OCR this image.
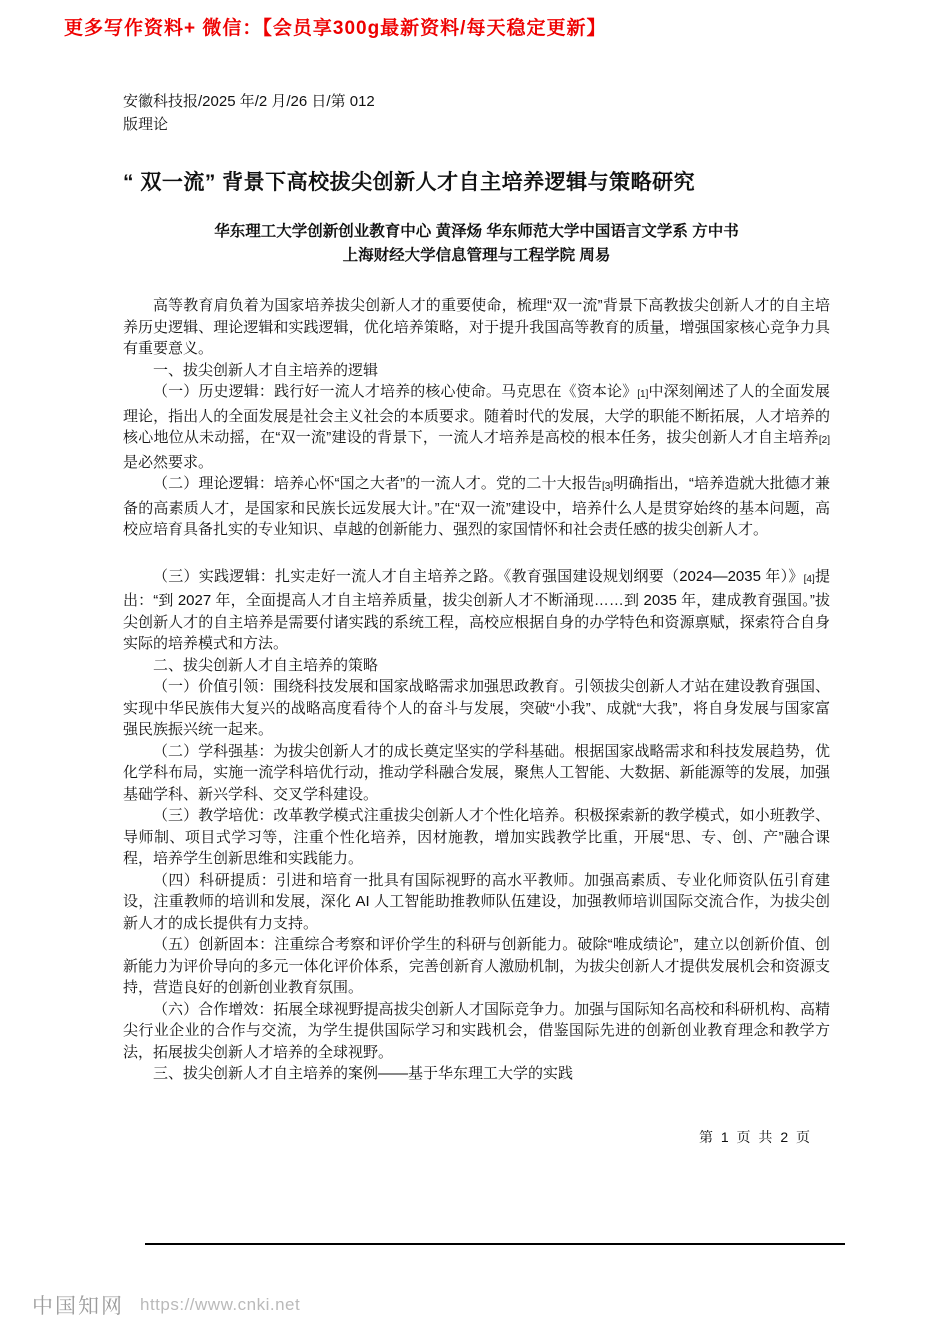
更多写作资料+ 微信：【会员享300g最新资料/每天稳定更新】
安徽科技报/2025 年/2 月/26 日/第 012
版理论
“ 双一流” 背景下高校拔尖创新人才自主培养逻辑与策略研究
华东理工大学创新创业教育中心 黄泽炀 华东师范大学中国语言文学系 方中书
上海财经大学信息管理与工程学院 周易

高等教育肩负着为国家培养拔尖创新人才的重要使命，梳理“双一流”背景下高教拔尖创新人才的自主培养历史逻辑、理论逻辑和实践逻辑，优化培养策略，对于提升我国高等教育的质量，增强国家核心竞争力具有重要意义。

一、拔尖创新人才自主培养的逻辑

（一）历史逻辑：践行好一流人才培养的核心使命。马克思在《资本论》[1]中深刻阐述了人的全面发展理论，指出人的全面发展是社会主义社会的本质要求。随着时代的发展，大学的职能不断拓展，人才培养的核心地位从未动摇，在“双一流”建设的背景下，一流人才培养是高校的根本任务，拔尖创新人才自主培养[2]是必然要求。

（二）理论逻辑：培养心怀“国之大者”的一流人才。党的二十大报告[3]明确指出，“培养造就大批德才兼备的高素质人才，是国家和民族长远发展大计。”在“双一流”建设中，培养什么人是贯穿始终的基本问题，高校应培育具备扎实的专业知识、卓越的创新能力、强烈的家国情怀和社会责任感的拔尖创新人才。

（三）实践逻辑：扎实走好一流人才自主培养之路。《教育强国建设规划纲要（2024—2035 年）》[4]提出：“到 2027 年，全面提高人才自主培养质量，拔尖创新人才不断涌现……到 2035 年，建成教育强国。”拔尖创新人才的自主培养是需要付诸实践的系统工程，高校应根据自身的办学特色和资源禀赋，探索符合自身实际的培养模式和方法。

二、拔尖创新人才自主培养的策略

（一）价值引领：围绕科技发展和国家战略需求加强思政教育。引领拔尖创新人才站在建设教育强国、实现中华民族伟大复兴的战略高度看待个人的奋斗与发展，突破“小我”、成就“大我”，将自身发展与国家富强民族振兴统一起来。

（二）学科强基：为拔尖创新人才的成长奠定坚实的学科基础。根据国家战略需求和科技发展趋势，优化学科布局，实施一流学科培优行动，推动学科融合发展，聚焦人工智能、大数据、新能源等的发展，加强基础学科、新兴学科、交叉学科建设。

（三）教学培优：改革教学模式注重拔尖创新人才个性化培养。积极探索新的教学模式，如小班教学、导师制、项目式学习等，注重个性化培养，因材施教，增加实践教学比重，开展“思、专、创、产”融合课程，培养学生创新思维和实践能力。

（四）科研提质：引进和培育一批具有国际视野的高水平教师。加强高素质、专业化师资队伍引育建设，注重教师的培训和发展，深化 AI 人工智能助推教师队伍建设，加强教师培训国际交流合作，为拔尖创新人才的成长提供有力支持。

（五）创新固本：注重综合考察和评价学生的科研与创新能力。破除“唯成绩论”，建立以创新价值、创新能力为评价导向的多元一体化评价体系，完善创新育人激励机制，为拔尖创新人才提供发展机会和资源支持，营造良好的创新创业教育氛围。

（六）合作增效：拓展全球视野提高拔尖创新人才国际竞争力。加强与国际知名高校和科研机构、高精尖行业企业的合作与交流，为学生提供国际学习和实践机会，借鉴国际先进的创新创业教育理念和教学方法，拓展拔尖创新人才培养的全球视野。

三、拔尖创新人才自主培养的案例——基于华东理工大学的实践

第 1 页 共 2 页
中国知网 https://www.cnki.net
